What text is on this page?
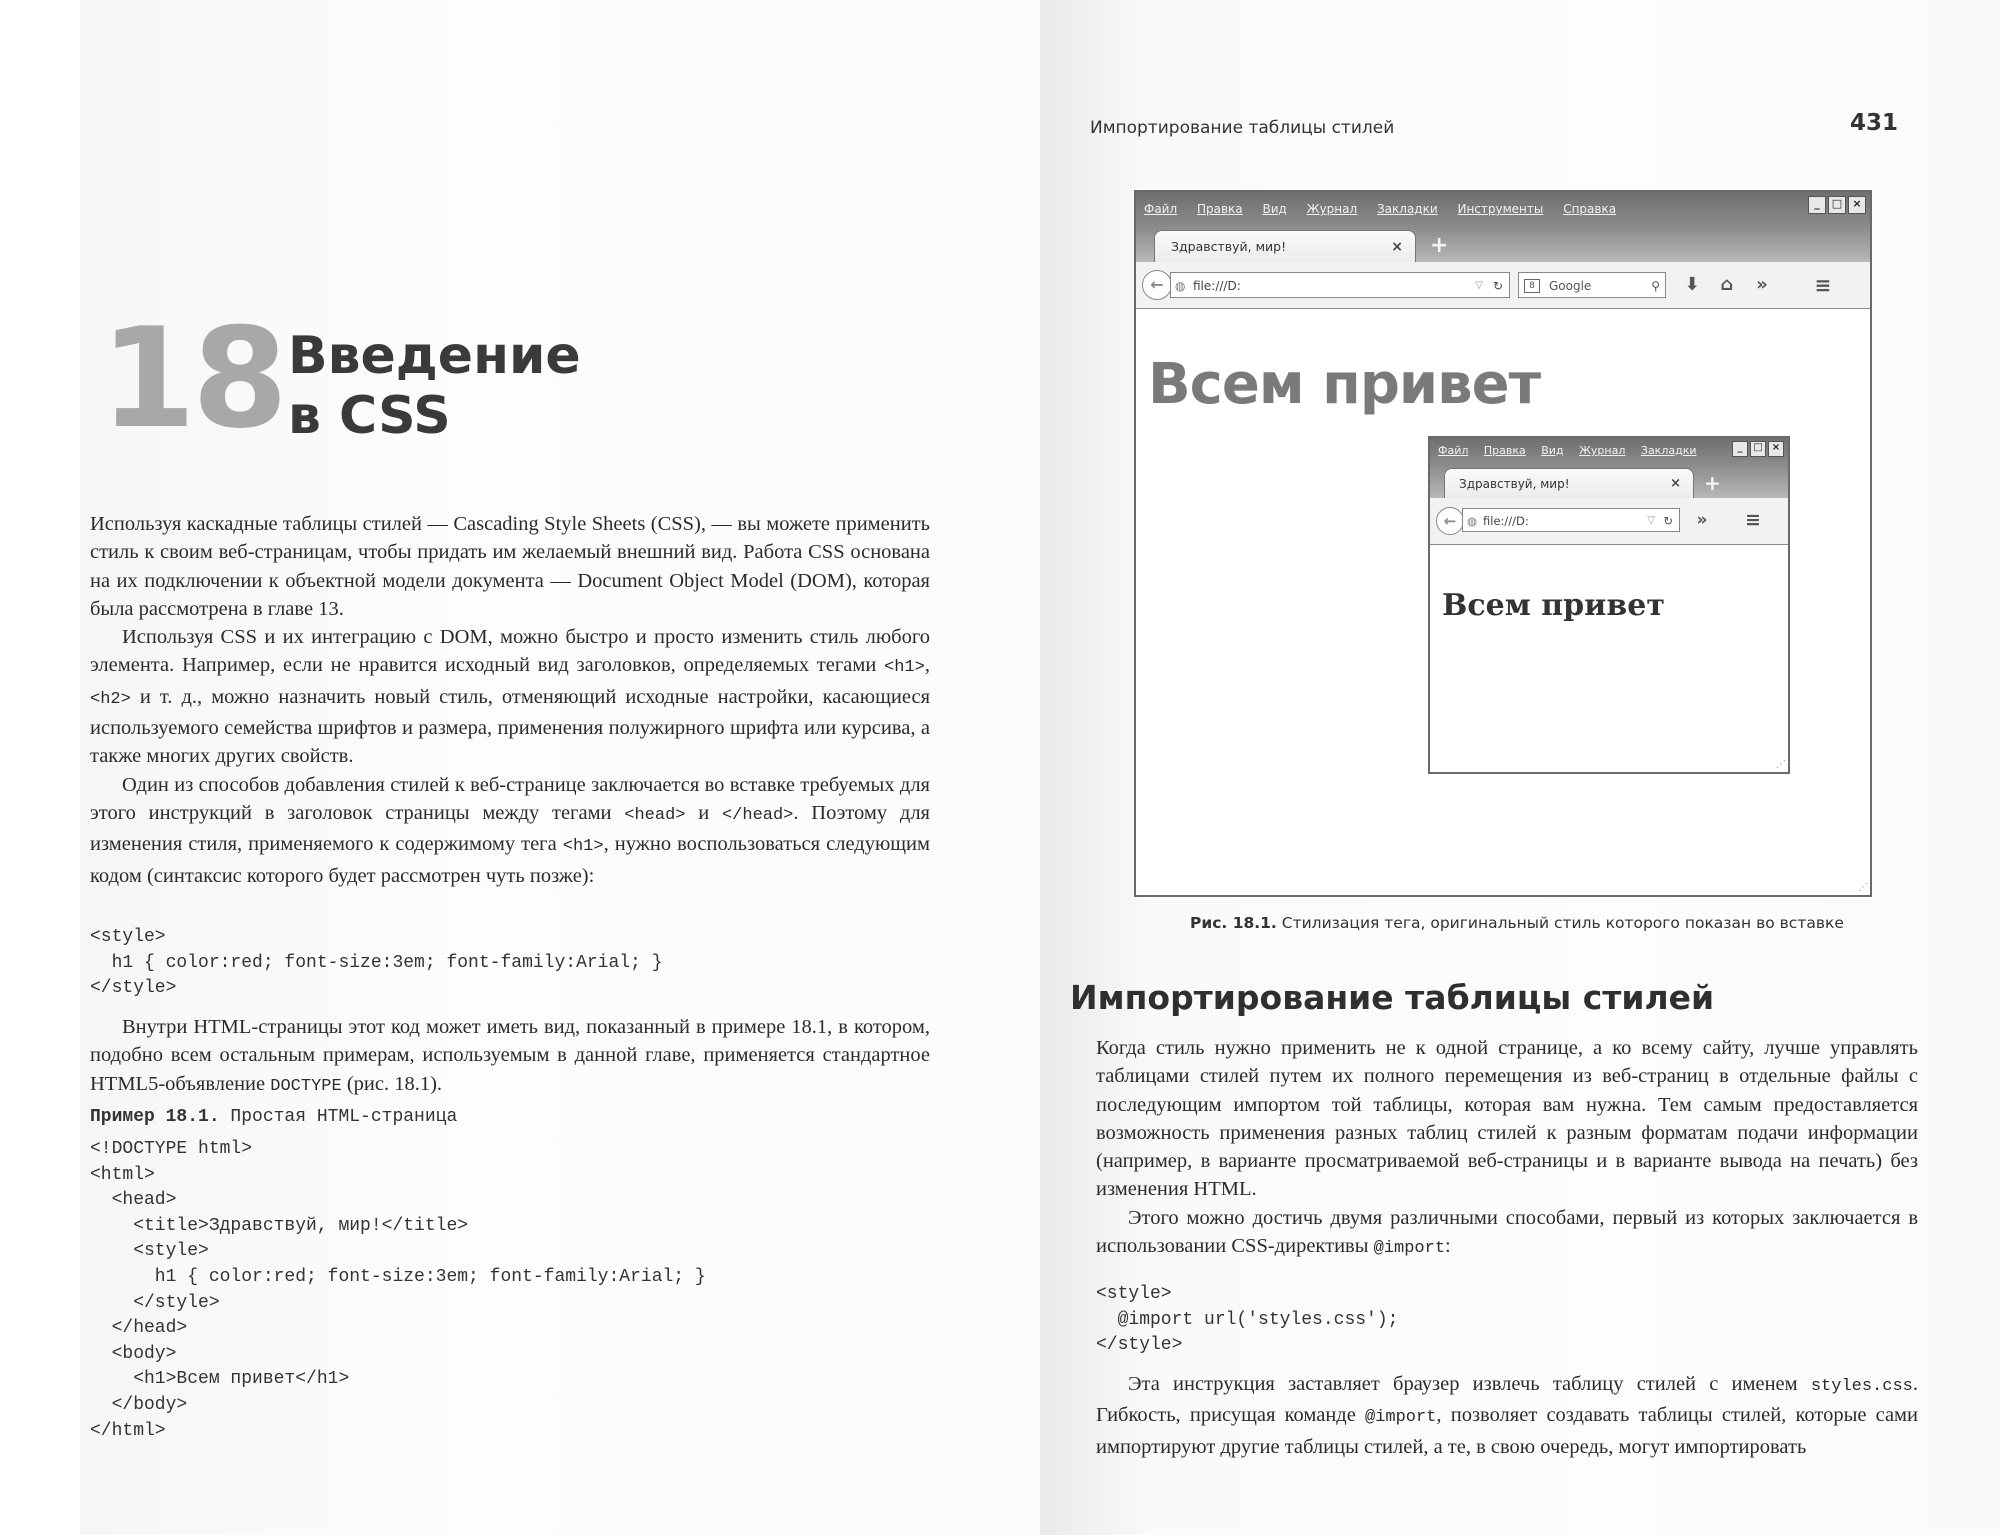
18 Введение
в CSS

Используя каскадные таблицы стилей — Cascading Style Sheets (CSS), — вы можете применить стиль к своим веб-страницам, чтобы придать им желаемый внешний вид. Работа CSS основана на их подключении к объектной модели документа — Document Object Model (DOM), которая была рассмотрена в главе 13.

Используя CSS и их интеграцию с DOM, можно быстро и просто изменить стиль любого элемента. Например, если не нравится исходный вид заголовков, определяемых тегами <h1>, <h2> и т. д., можно назначить новый стиль, отменяющий исходные настройки, касающиеся используемого семейства шрифтов и размера, применения полужирного шрифта или курсива, а также многих других свойств.

Один из способов добавления стилей к веб-странице заключается во вставке требуемых для этого инструкций в заголовок страницы между тегами <head> и </head>. Поэтому для изменения стиля, применяемого к содержимому тега <h1>, нужно воспользоваться следующим кодом (синтаксис которого будет рассмотрен чуть позже):

<style>
h1 { color:red; font-size:3em; font-family:Arial; }
</style>

Внутри HTML-страницы этот код может иметь вид, показанный в примере 18.1, в котором, подобно всем остальным примерам, используемым в данной главе, применяется стандартное HTML5-объявление DOCTYPE (рис. 18.1).

Пример 18.1. Простая HTML-страница
<!DOCTYPE html>
<html>
<head>
<title>Здравствуй, мир!</title>
<style>
h1 { color:red; font-size:3em; font-family:Arial; }
</style>
</head>
<body>
<h1>Всем привет</h1>
</body>
</html>
Импортирование таблицы стилей	431
Файл Правка Вид Журнал Закладки Инструменты Справка	_	□ ×
Здравствуй, мир!	× +
← ◍ file:///D:	▽ ↻	8	Google	⚲ ⬇ ⌂ » ≡
Всем привет
⋰
Файл Правка Вид Журнал Закладки	_	□ ×
Здравствуй, мир!	× +
← ◍ file:///D:	▽ ↻ » ≡
Всем привет
⋰
Рис. 18.1. Стилизация тега, оригинальный стиль которого показан во вставке
Импортирование таблицы стилей

Когда стиль нужно применить не к одной странице, а ко всему сайту, лучше управлять таблицами стилей путем их полного перемещения из веб-страниц в отдельные файлы с последующим импортом той таблицы, которая вам нужна. Тем самым предоставляется возможность применения разных таблиц стилей к разным форматам подачи информации (например, в варианте просматриваемой веб-страницы и в варианте вывода на печать) без изменения HTML.

Этого можно достичь двумя различными способами, первый из которых заключается в использовании CSS-директивы @import:

<style>
@import url('styles.css');
</style>

Эта инструкция заставляет браузер извлечь таблицу стилей с именем styles.css. Гибкость, присущая команде @import, позволяет создавать таблицы стилей, которые сами импортируют другие таблицы стилей, а те, в свою очередь, могут импортировать
